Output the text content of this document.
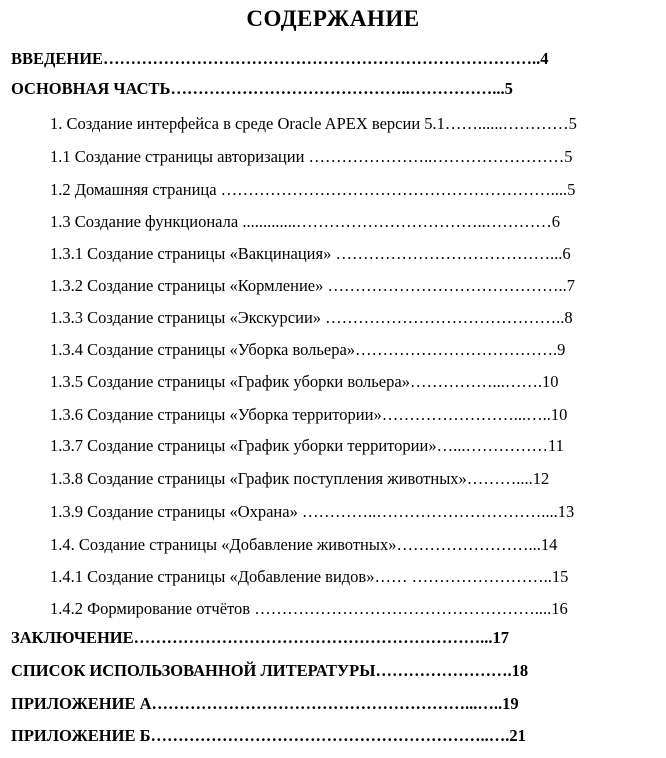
СОДЕРЖАНИЕ
ВВЕДЕНИЕ……………………………………………………………………..4
ОСНОВНАЯ ЧАСТЬ……………………………………..……………...5
1. Создание интерфейса в среде Oracle APEX версии 5.1……......…………5
1.1 Создание страницы авторизации …………………..……………………5
1.2 Домашняя страница ……………………………………………………....5
1.3 Создание функционала .............……………………………..…………6
1.3.1 Создание страницы «Вакцинация» …………………………………...6
1.3.2 Создание страницы «Кормление» ……………………………………..7
1.3.3 Создание страницы «Экскурсии» ……………………………………..8
1.3.4 Создание страницы «Уборка вольера»……………………………….9
1.3.5 Создание страницы «График уборки вольера»……………...…….10
1.3.6 Создание страницы «Уборка территории»……………………...…..10
1.3.7 Создание страницы «График уборки территории»…...……………11
1.3.8 Создание страницы «График поступления животных»………....12
1.3.9 Создание страницы «Охрана» …………..…………………………....13
1.4. Создание страницы «Добавление животных»……………………...14
1.4.1 Создание страницы «Добавление видов»…… ……………………..15
1.4.2 Формирование отчётов ……………………………………………....16
ЗАКЛЮЧЕНИЕ………………………………………………………...17
СПИСОК ИСПОЛЬЗОВАННОЙ ЛИТЕРАТУРЫ…………………….18
ПРИЛОЖЕНИЕ А…………………………………………………...…..19
ПРИЛОЖЕНИЕ Б……………………………………………………..….21
